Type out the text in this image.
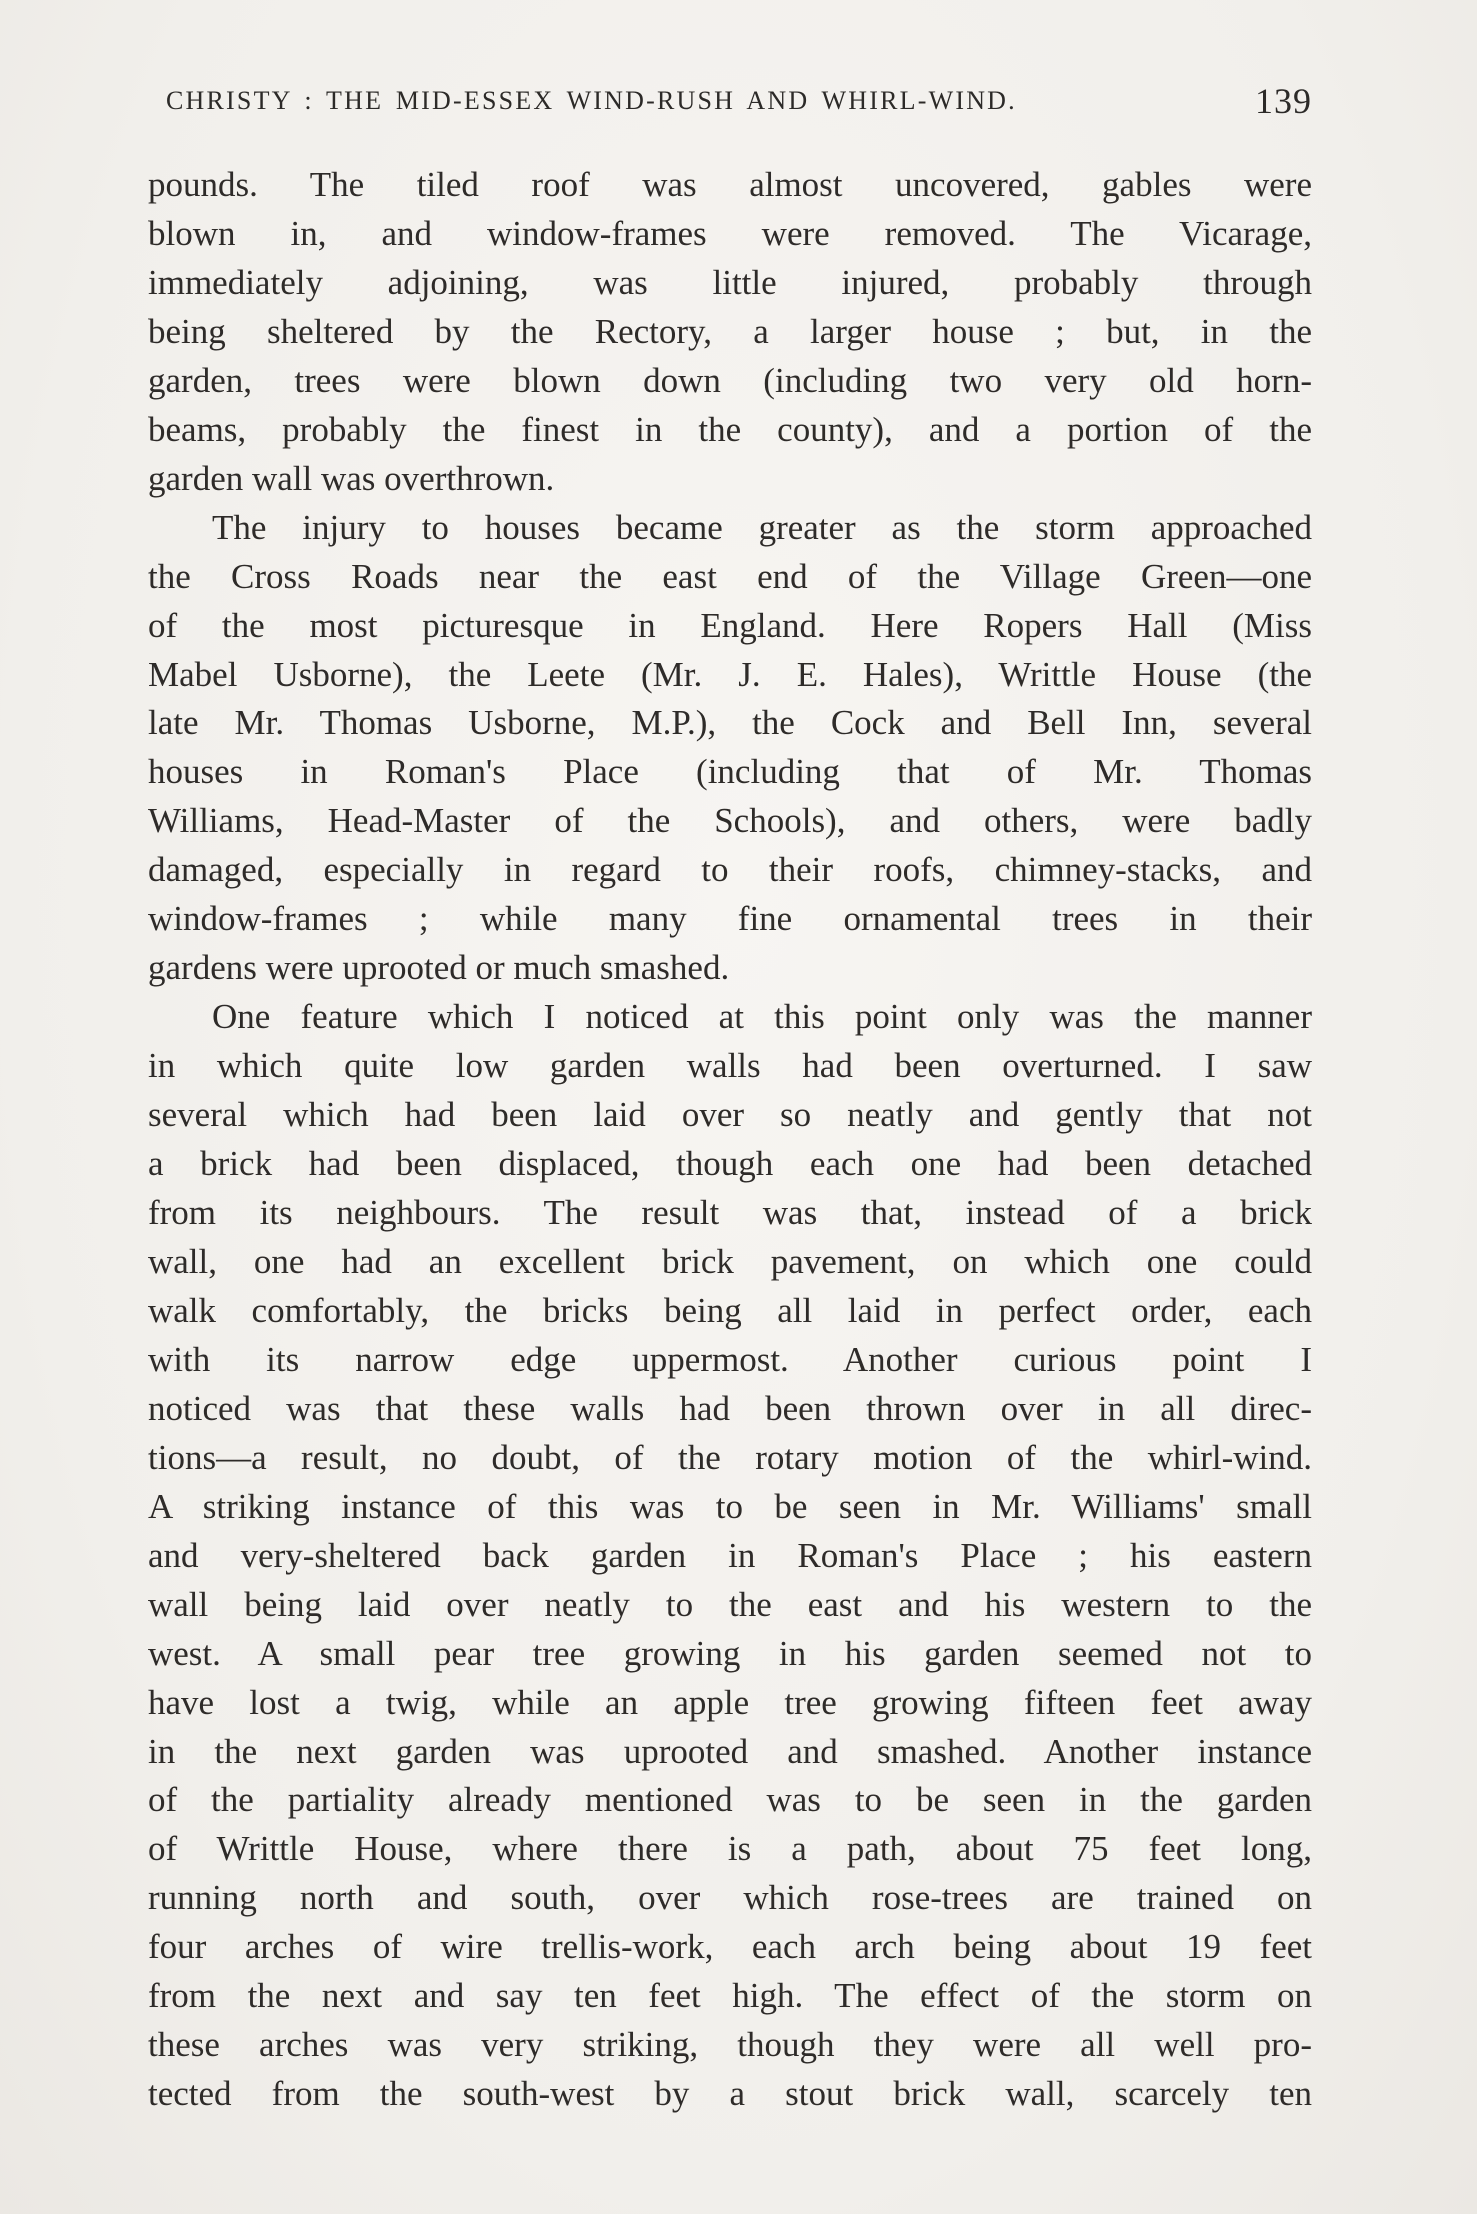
CHRISTY : THE MID-ESSEX WIND-RUSH AND WHIRL-WIND.	139
pounds. The tiled roof was almost uncovered, gables were
blown in, and window-frames were removed. The Vicarage,
immediately adjoining, was little injured, probably through
being sheltered by the Rectory, a larger house ; but, in the
garden, trees were blown down (including two very old horn-
beams, probably the finest in the county), and a portion of the
garden wall was overthrown.
The injury to houses became greater as the storm approached
the Cross Roads near the east end of the Village Green—one
of the most picturesque in England. Here Ropers Hall (Miss
Mabel Usborne), the Leete (Mr. J. E. Hales), Writtle House (the
late Mr. Thomas Usborne, M.P.), the Cock and Bell Inn, several
houses in Roman's Place (including that of Mr. Thomas
Williams, Head-Master of the Schools), and others, were badly
damaged, especially in regard to their roofs, chimney-stacks, and
window-frames ; while many fine ornamental trees in their
gardens were uprooted or much smashed.
One feature which I noticed at this point only was the manner
in which quite low garden walls had been overturned. I saw
several which had been laid over so neatly and gently that not
a brick had been displaced, though each one had been detached
from its neighbours. The result was that, instead of a brick
wall, one had an excellent brick pavement, on which one could
walk comfortably, the bricks being all laid in perfect order, each
with its narrow edge uppermost. Another curious point I
noticed was that these walls had been thrown over in all direc-
tions—a result, no doubt, of the rotary motion of the whirl-wind.
A striking instance of this was to be seen in Mr. Williams' small
and very-sheltered back garden in Roman's Place ; his eastern
wall being laid over neatly to the east and his western to the
west. A small pear tree growing in his garden seemed not to
have lost a twig, while an apple tree growing fifteen feet away
in the next garden was uprooted and smashed. Another instance
of the partiality already mentioned was to be seen in the garden
of Writtle House, where there is a path, about 75 feet long,
running north and south, over which rose-trees are trained on
four arches of wire trellis-work, each arch being about 19 feet
from the next and say ten feet high. The effect of the storm on
these arches was very striking, though they were all well pro-
tected from the south-west by a stout brick wall, scarcely ten
